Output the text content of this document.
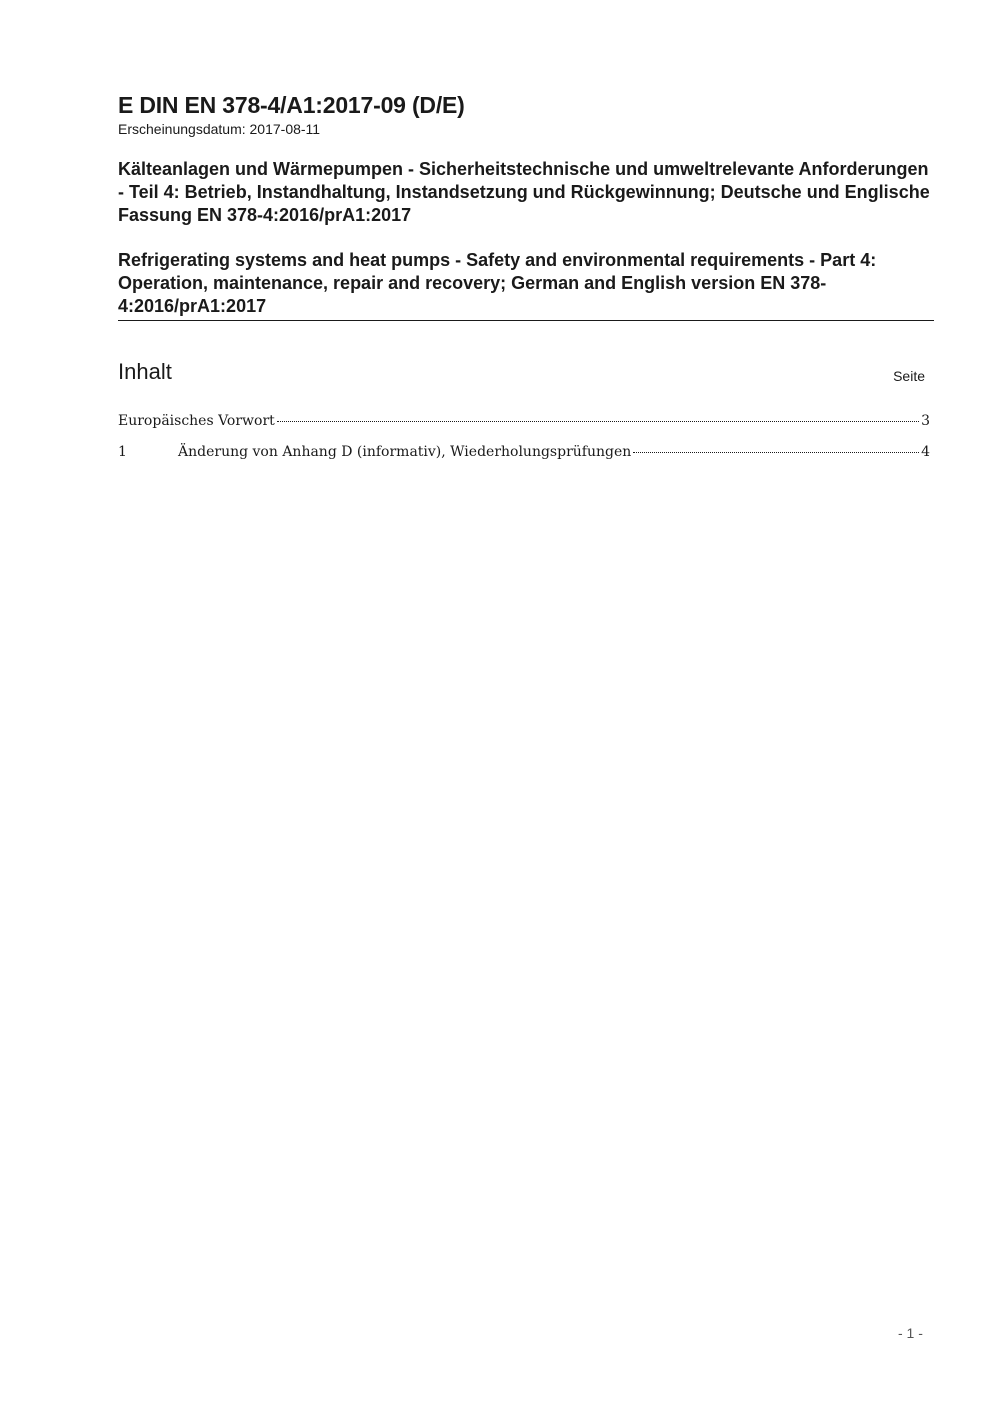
E DIN EN 378-4/A1:2017-09 (D/E)

Erscheinungsdatum: 2017-08-11

Kälteanlagen und Wärmepumpen - Sicherheitstechnische und umweltrelevante Anforderungen - Teil 4: Betrieb, Instandhaltung, Instandsetzung und Rückgewinnung; Deutsche und Englische Fassung EN 378-4:2016/prA1:2017
Refrigerating systems and heat pumps - Safety and environmental requirements - Part 4: Operation, maintenance, repair and recovery; German and English version EN 378-4:2016/prA1:2017
Inhalt	Seite
Europäisches Vorwort	3
1	Änderung von Anhang D (informativ), Wiederholungsprüfungen	4
- 1 -
